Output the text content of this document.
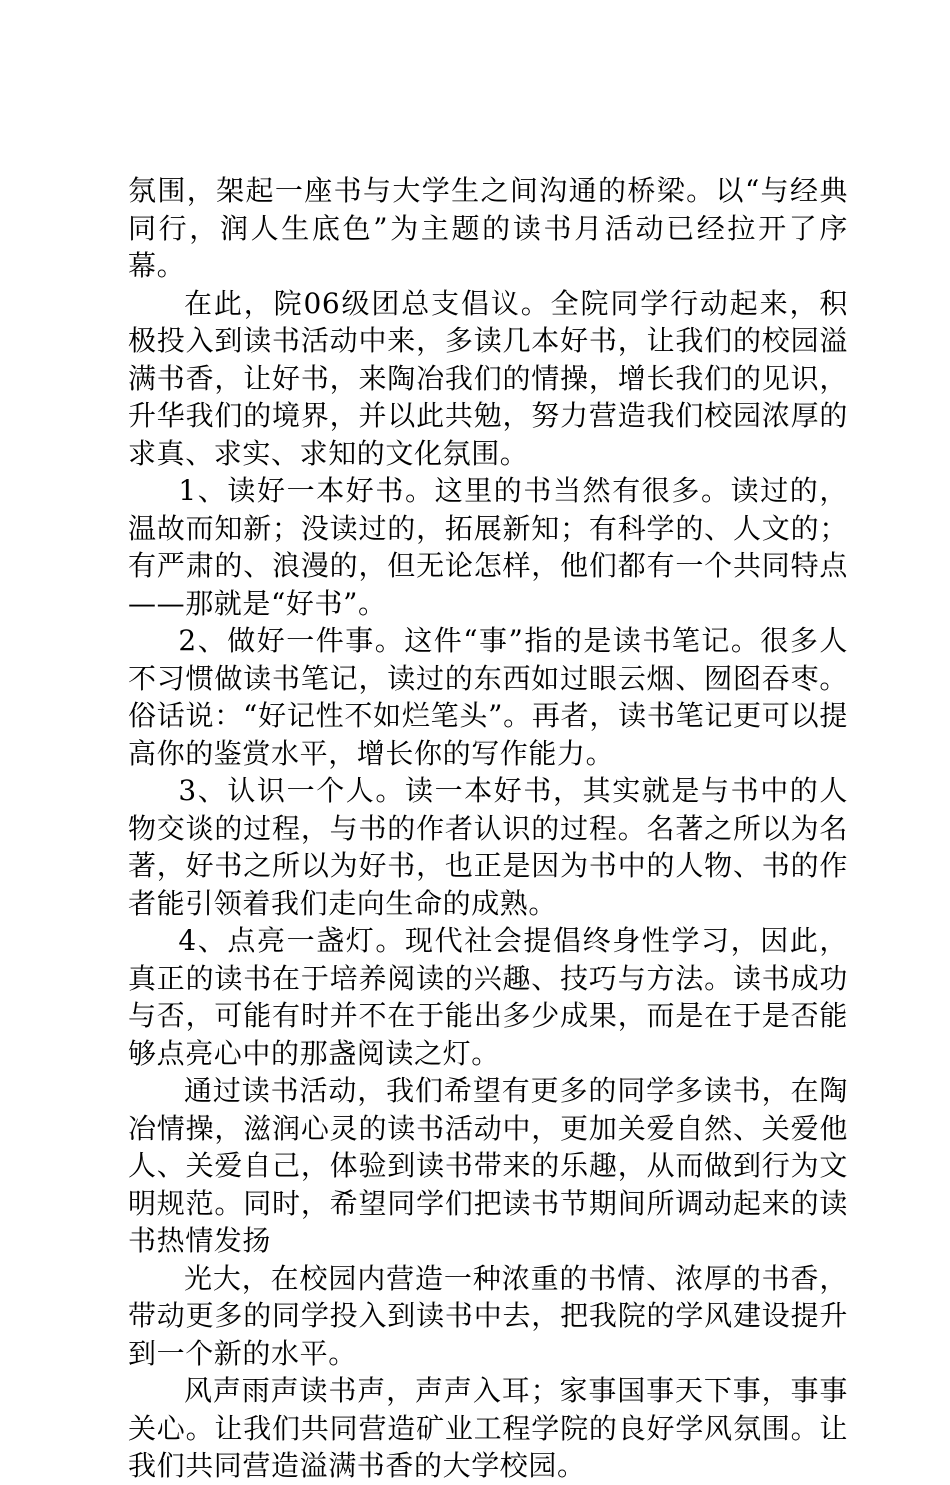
氛围，架起一座书与大学生之间沟通的桥梁。以“与经典同行，润人生底色”为主题的读书月活动已经拉开了序幕。

在此，院06级团总支倡议。全院同学行动起来，积极投入到读书活动中来，多读几本好书，让我们的校园溢满书香，让好书，来陶冶我们的情操，增长我们的见识，升华我们的境界，并以此共勉，努力营造我们校园浓厚的求真、求实、求知的文化氛围。

1、读好一本好书。这里的书当然有很多。读过的，温故而知新；没读过的，拓展新知；有科学的、人文的；有严肃的、浪漫的，但无论怎样，他们都有一个共同特点——那就是“好书”。

2、做好一件事。这件“事”指的是读书笔记。很多人不习惯做读书笔记，读过的东西如过眼云烟、囫囵吞枣。俗话说：“好记性不如烂笔头”。再者，读书笔记更可以提高你的鉴赏水平，增长你的写作能力。

3、认识一个人。读一本好书，其实就是与书中的人物交谈的过程，与书的作者认识的过程。名著之所以为名著，好书之所以为好书，也正是因为书中的人物、书的作者能引领着我们走向生命的成熟。

4、点亮一盏灯。现代社会提倡终身性学习，因此，真正的读书在于培养阅读的兴趣、技巧与方法。读书成功与否，可能有时并不在于能出多少成果，而是在于是否能够点亮心中的那盏阅读之灯。

通过读书活动，我们希望有更多的同学多读书，在陶冶情操，滋润心灵的读书活动中，更加关爱自然、关爱他人、关爱自己，体验到读书带来的乐趣，从而做到行为文明规范。同时，希望同学们把读书节期间所调动起来的读书热情发扬

光大，在校园内营造一种浓重的书情、浓厚的书香，带动更多的同学投入到读书中去，把我院的学风建设提升到一个新的水平。

风声雨声读书声，声声入耳；家事国事天下事，事事关心。让我们共同营造矿业工程学院的良好学风氛围。让我们共同营造溢满书香的大学校园。
